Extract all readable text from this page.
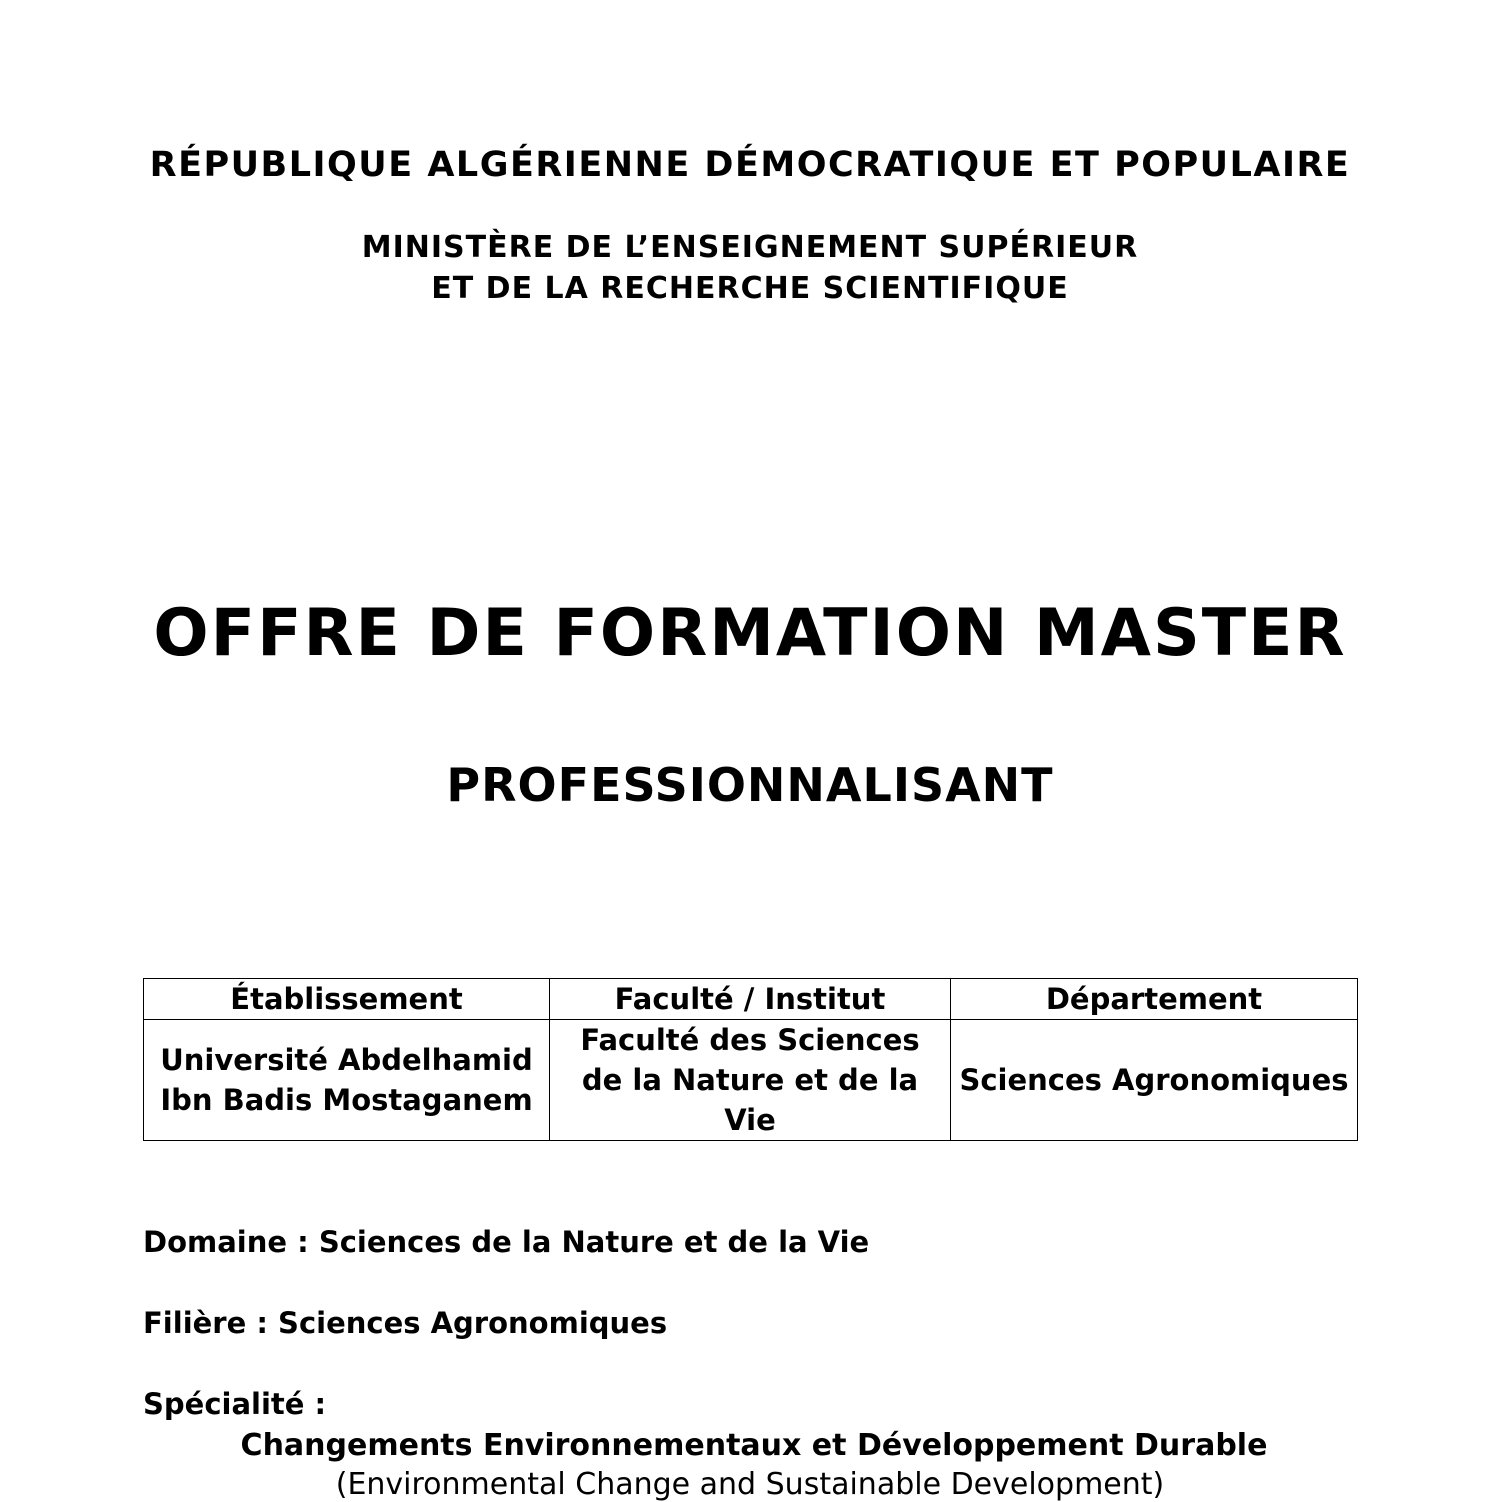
RÉPUBLIQUE ALGÉRIENNE DÉMOCRATIQUE ET POPULAIRE
MINISTÈRE DE L’ENSEIGNEMENT SUPÉRIEUR
ET DE LA RECHERCHE SCIENTIFIQUE
OFFRE DE FORMATION MASTER
PROFESSIONNALISANT
Établissement	Faculté / Institut	Département
Université Abdelhamid Ibn Badis Mostaganem	Faculté des Sciences de la Nature et de la Vie	Sciences Agronomiques
Domaine : Sciences de la Nature et de la Vie
Filière : Sciences Agronomiques
Spécialité :
Changements Environnementaux et Développement Durable
(Environmental Change and Sustainable Development)
